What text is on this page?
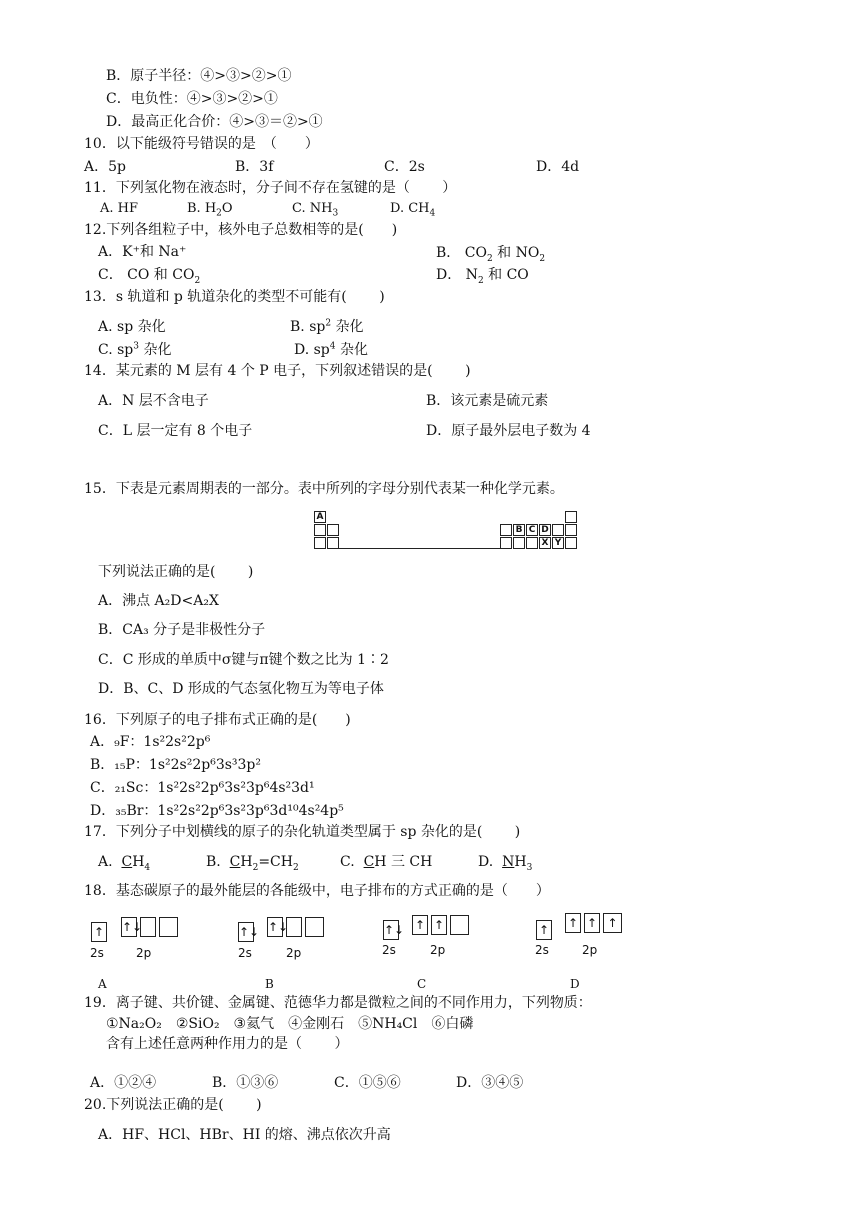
B．原子半径：④>③>②>①
C．电负性：④>③>②>①
D．最高正化合价：④>③＝②>①
10．以下能级符号错误的是　（　　）
A．5p	B．3f	C．2s	D．4d
11．下列氢化物在液态时，分子间不存在氢键的是（　　 ）
A. HF	B. $H_2O$	C. $NH_3$	D. $CH_4$
12.下列各组粒子中，核外电子总数相等的是(　　)
A．K⁺和 Na⁺	B． $CO_2$ 和 $NO_2$
C． CO 和 $CO_2$	D． $N_2$ 和 CO
13．s 轨道和 p 轨道杂化的类型不可能有(　　 )
A. sp 杂化	B. $sp^2$ 杂化
C. $sp^3$ 杂化	D. $sp^4$ 杂化
14．某元素的 M 层有 4 个 P 电子，下列叙述错误的是(　　 )
A．N 层不含电子	B．该元素是硫元素
C．L 层一定有 8 个电子	D．原子最外层电子数为 4
15．下表是元素周期表的一部分。表中所列的字母分别代表某一种化学元素。
A
B C D
X Y
下列说法正确的是(　　 )
A．沸点 A₂D<A₂X
B．CA₃ 分子是非极性分子
C．C 形成的单质中σ键与π键个数之比为 1∶2
D．B、C、D 形成的气态氢化物互为等电子体
16．下列原子的电子排布式正确的是(　　)
A．₉F：1s²2s²2p⁶
B．₁₅P：1s²2s²2p⁶3s³3p²
C．₂₁Sc：1s²2s²2p⁶3s²3p⁶4s²3d¹
D．₃₅Br：1s²2s²2p⁶3s²3p⁶3d¹⁰4s²4p⁵
17．下列分子中划横线的原子的杂化轨道类型属于 sp 杂化的是(　　 )
A. $CH_4$	B. $CH_2=CH_2$	C. CH 三 CH	D. $NH_3$
18．基态碳原子的最外能层的各能级中，电子排布的方式正确的是（　　）
↑
2s
↑↓
2p
A
↑↓
2s
↑↓
2p
B
↑↓
2s
↑ ↑
2p
C
↑
2s
↑ ↑ ↑
2p
D
19．离子键、共价键、金属键、范德华力都是微粒之间的不同作用力，下列物质：
①Na₂O₂　②SiO₂　③氦气　④金刚石　⑤NH₄Cl　⑥白磷
含有上述任意两种作用力的是（　　 ）
A．①②④	B．①③⑥	C．①⑤⑥	D．③④⑤
20.下列说法正确的是(　　 )
A．HF、HCl、HBr、HI 的熔、沸点依次升高
